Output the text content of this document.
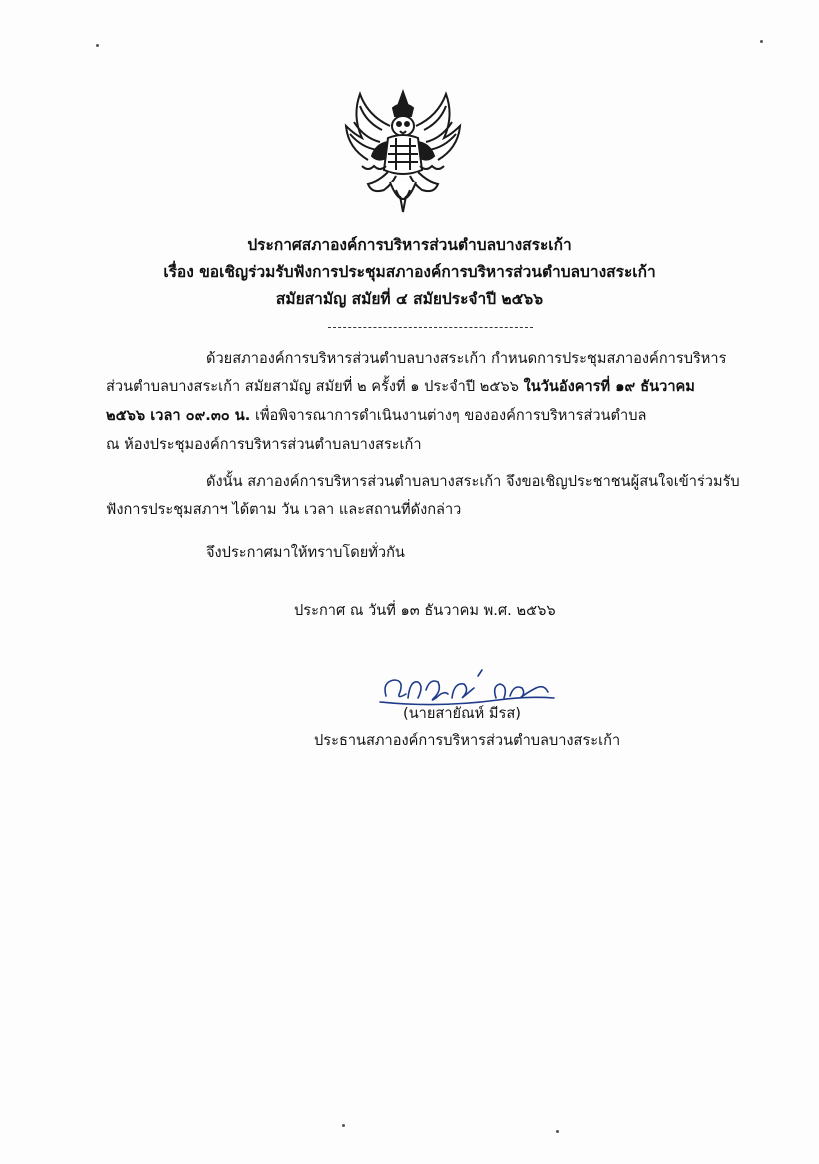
ประกาศสภาองค์การบริหารส่วนตำบลบางสระเก้า
เรื่อง ขอเชิญร่วมรับฟังการประชุมสภาองค์การบริหารส่วนตำบลบางสระเก้า
สมัยสามัญ สมัยที่ ๔ สมัยประจำปี ๒๕๖๖
ด้วยสภาองค์การบริหารส่วนตำบลบางสระเก้า กำหนดการประชุมสภาองค์การบริหาร
ส่วนตำบลบางสระเก้า สมัยสามัญ สมัยที่ ๒ ครั้งที่ ๑ ประจำปี ๒๕๖๖ ในวันอังคารที่ ๑๙ ธันวาคม
๒๕๖๖ เวลา ๐๙.๓๐ น. เพื่อพิจารณาการดำเนินงานต่างๆ ขององค์การบริหารส่วนตำบล
ณ ห้องประชุมองค์การบริหารส่วนตำบลบางสระเก้า
ดังนั้น สภาองค์การบริหารส่วนตำบลบางสระเก้า จึงขอเชิญประชาชนผู้สนใจเข้าร่วมรับ
ฟังการประชุมสภาฯ ได้ตาม วัน เวลา และสถานที่ดังกล่าว
จึงประกาศมาให้ทราบโดยทั่วกัน
ประกาศ ณ วันที่ ๑๓ ธันวาคม พ.ศ. ๒๕๖๖
(นายสายัณห์ มีรส)
ประธานสภาองค์การบริหารส่วนตำบลบางสระเก้า
